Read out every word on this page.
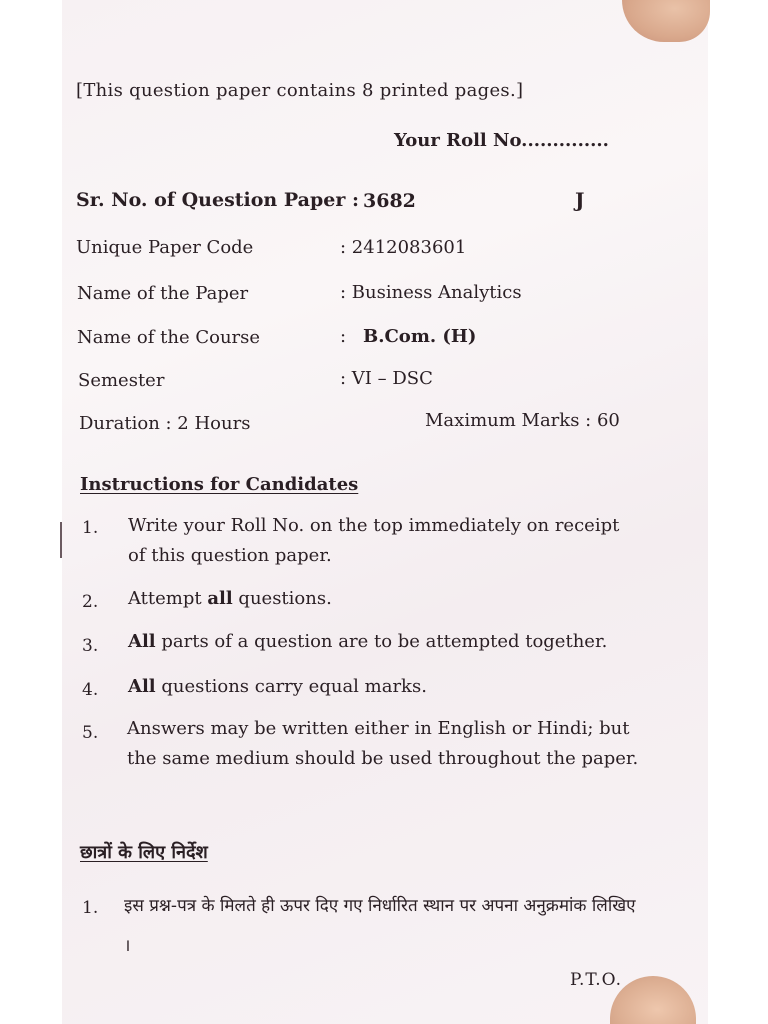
[This question paper contains 8 printed pages.]
Your Roll No..............
Sr. No. of Question Paper : 3682	J
Unique Paper Code	: 2412083601
Name of the Paper	: Business Analytics
Name of the Course	: B.Com. (H)
Semester	: VI – DSC
Duration : 2 Hours	Maximum Marks : 60
Instructions for Candidates
1. Write your Roll No. on the top immediately on receipt of this question paper.
2. Attempt all questions.
3. All parts of a question are to be attempted together.
4. All questions carry equal marks.
5. Answers may be written either in English or Hindi; but the same medium should be used throughout the paper.
छात्रों के लिए निर्देश
1. इस प्रश्न-पत्र के मिलते ही ऊपर दिए गए निर्धारित स्थान पर अपना अनुक्रमांक लिखिए ।
P.T.O.
